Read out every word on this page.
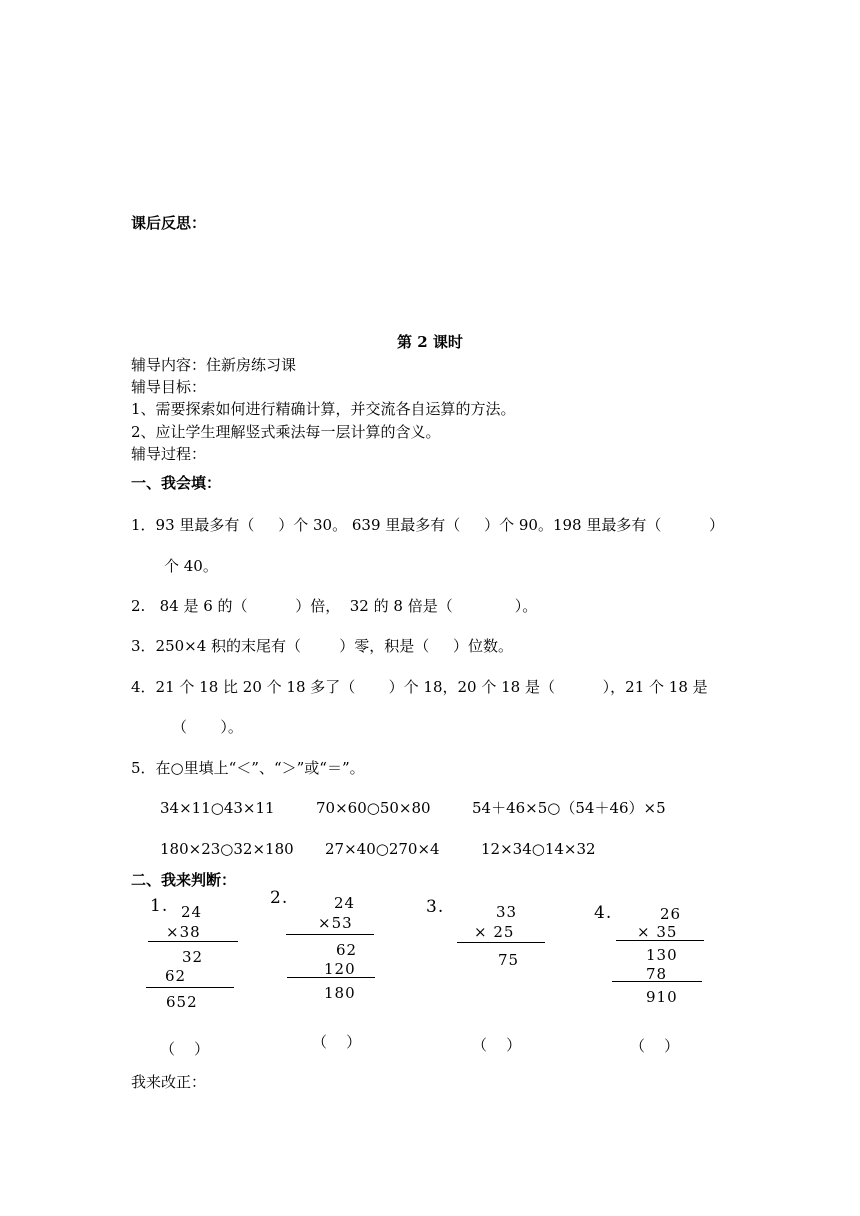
课后反思：
第 2 课时
辅导内容：住新房练习课
辅导目标：
1、需要探索如何进行精确计算，并交流各自运算的方法。
2、应让学生理解竖式乘法每一层计算的含义。
辅导过程：
一、我会填：
1．93 里最多有（     ）个 30。 639 里最多有（     ）个 90。198 里最多有（          ）
个 40。
2.   84 是 6 的（          ）倍，  32 的 8 倍是（             ）。
3．250×4 积的末尾有（        ）零，积是（     ）位数。
4．21 个 18 比 20 个 18 多了（       ）个 18，20 个 18 是（          ），21 个 18 是
（       ）。
5．在○里填上“＜”、“＞”或“＝”。
34×11○43×11	70×60○50×80	54＋46×5○（54＋46）×5
180×23○32×180 27×40○270×4	12×34○14×32
二、我来判断：
1. 24
×38
32
62
652
（    ）
2.	24
×53
62
120
180
（    ）
3.	33
× 25
75
（    ）
4.	26
× 35
130
78
910
（    ）
我来改正：
